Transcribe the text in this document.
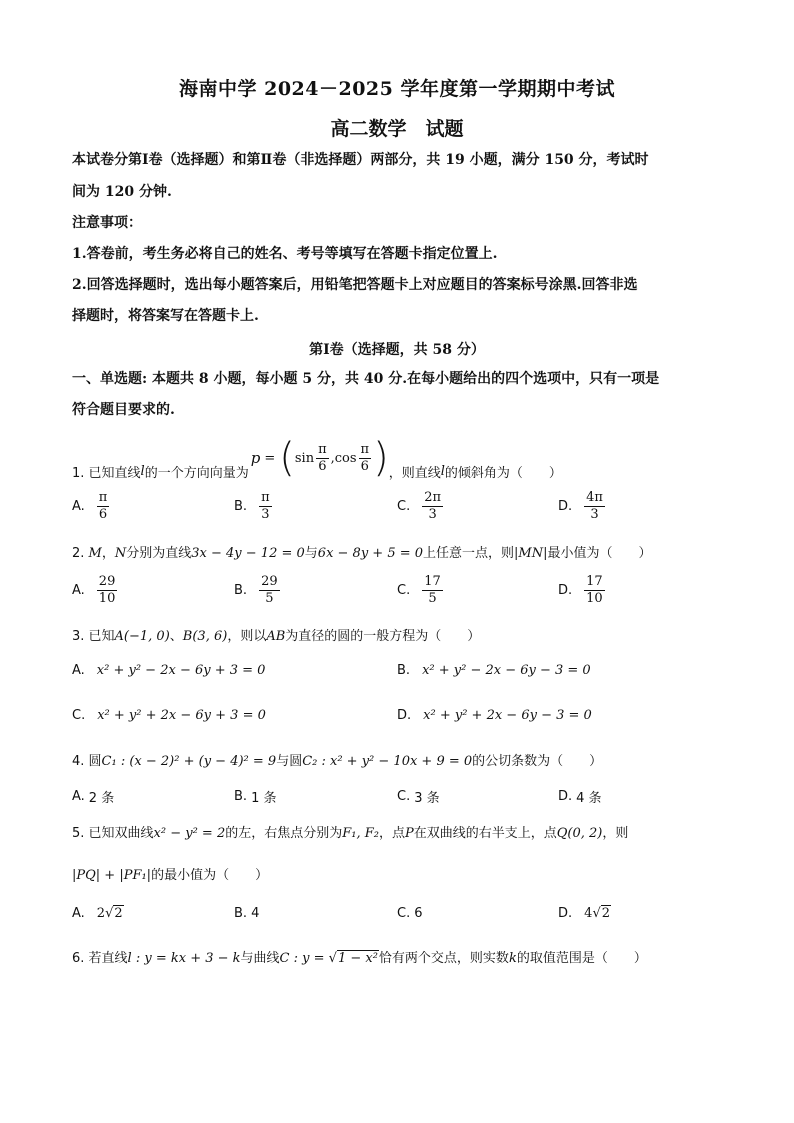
海南中学 2024－2025 学年度第一学期期中考试
高二数学　试题
本试卷分第Ⅰ卷（选择题）和第Ⅱ卷（非选择题）两部分，共 19 小题，满分 150 分，考试时
间为 120 分钟.
注意事项：
1.答卷前，考生务必将自己的姓名、考号等填写在答题卡指定位置上.
2.回答选择题时，选出每小题答案后，用铅笔把答题卡上对应题目的答案标号涂黑.回答非选
择题时，将答案写在答题卡上.
第Ⅰ卷（选择题，共 58 分）
一、单选题: 本题共 8 小题，每小题 5 分，共 40 分.在每小题给出的四个选项中，只有一项是
符合题目要求的.
1. 已知直线 l 的一个方向向量为
p = ( $\sin \frac{\pi}{6}$ , $\cos \frac{\pi}{6}$ ) ，则直线 l 的倾斜角为（　　）
A. $\frac{\pi}{6}$	B. $\frac{\pi}{3}$	C. $\frac{2\pi}{3}$	D. $\frac{4\pi}{3}$
2. M，N分别为直线3x − 4y − 12 = 0与6x − 8y + 5 = 0上任意一点，则|MN|最小值为（　　）
A. $\frac{29}{10}$	B. $\frac{29}{5}$	C. $\frac{17}{5}$	D. $\frac{17}{10}$
3. 已知A(−1, 0)、B(3, 6)，则以AB为直径的圆的一般方程为（　　）
A. x² + y² − 2x − 6y + 3 = 0	B. x² + y² − 2x − 6y − 3 = 0
C. x² + y² + 2x − 6y + 3 = 0	D. x² + y² + 2x − 6y − 3 = 0
4. 圆C₁ : (x − 2)² + (y − 4)² = 9与圆C₂ : x² + y² − 10x + 9 = 0的公切条数为（　　）
A. 2 条	B. 1 条	C. 3 条	D. 4 条
5. 已知双曲线x² − y² = 2的左，右焦点分别为F₁, F₂，点P在双曲线的右半支上，点Q(0, 2)，则
|PQ| + |PF₁|的最小值为（　　）
A. 2√2	B. 4	C. 6	D. 4√2
6. 若直线l : y = kx + 3 − k与曲线C : y = √1 − x²恰有两个交点，则实数k的取值范围是（　　）
